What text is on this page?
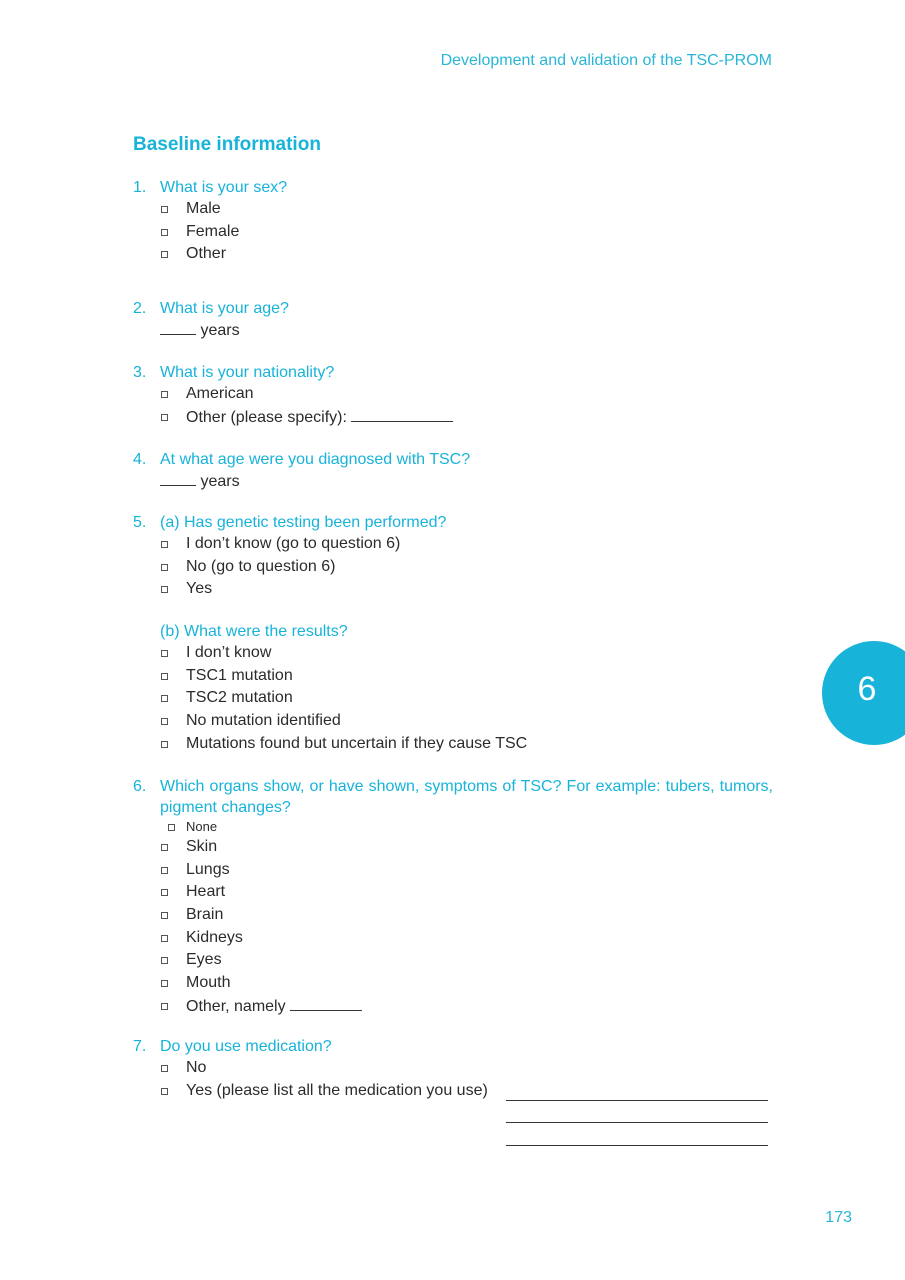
Development and validation of the TSC-PROM
Baseline information
1. What is your sex?
Male
Female
Other
2. What is your age?
years
3. What is your nationality?
American
Other (please specify):
4. At what age were you diagnosed with TSC?
years
5. (a) Has genetic testing been performed?
I don’t know (go to question 6)
No (go to question 6)
Yes
(b) What were the results?
I don’t know
TSC1 mutation
TSC2 mutation
No mutation identified
Mutations found but uncertain if they cause TSC
6. Which organs show, or have shown, symptoms of TSC? For example: tubers, tumors, pigment changes?
None
Skin
Lungs
Heart
Brain
Kidneys
Eyes
Mouth
Other, namely
7. Do you use medication?
No
Yes (please list all the medication you use)
6
173
